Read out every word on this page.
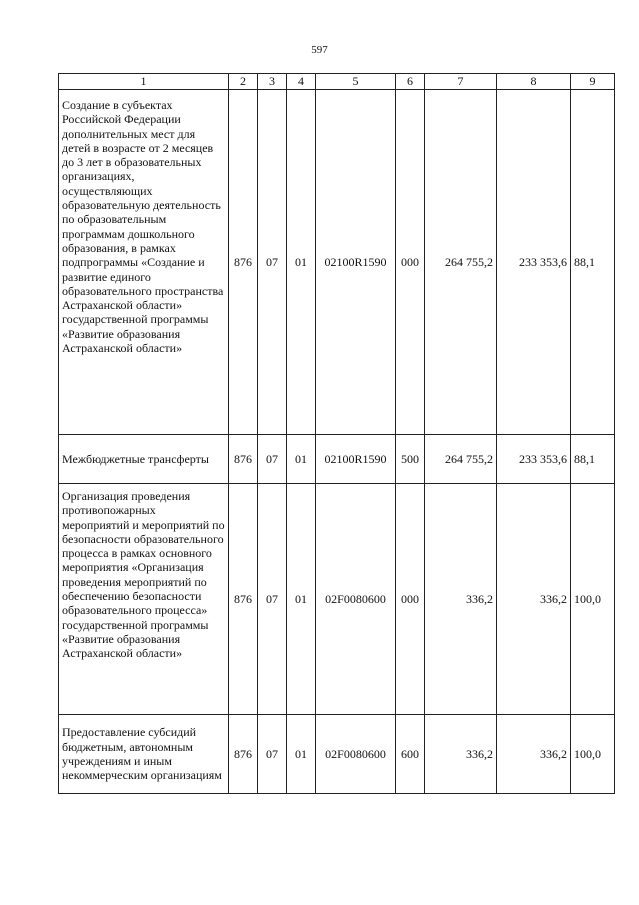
597
1	2	3	4	5	6	7	8	9

Создание в субъектах Российской Федерации дополнительных мест для детей в возрасте от 2 месяцев до 3 лет в образовательных организациях, осуществляющих образовательную деятельность по образовательным программам дошкольного образования, в рамках подпрограммы «Создание и развитие единого образовательного пространства Астраханской области» государственной программы «Развитие образования Астраханской области»	876	07	01	02100R1590	000	264 755,2	233 353,6	88,1

Межбюджетные трансферты	876	07	01	02100R1590	500	264 755,2	233 353,6	88,1

Организация проведения противопожарных мероприятий и мероприятий по безопасности образовательного процесса в рамках основного мероприятия «Организация проведения мероприятий по обеспечению безопасности образовательного процесса» государственной программы «Развитие образования Астраханской области»	876	07	01	02F0080600	000	336,2	336,2	100,0

Предоставление субсидий бюджетным, автономным учреждениям и иным некоммерческим организациям	876	07	01	02F0080600	600	336,2	336,2	100,0
